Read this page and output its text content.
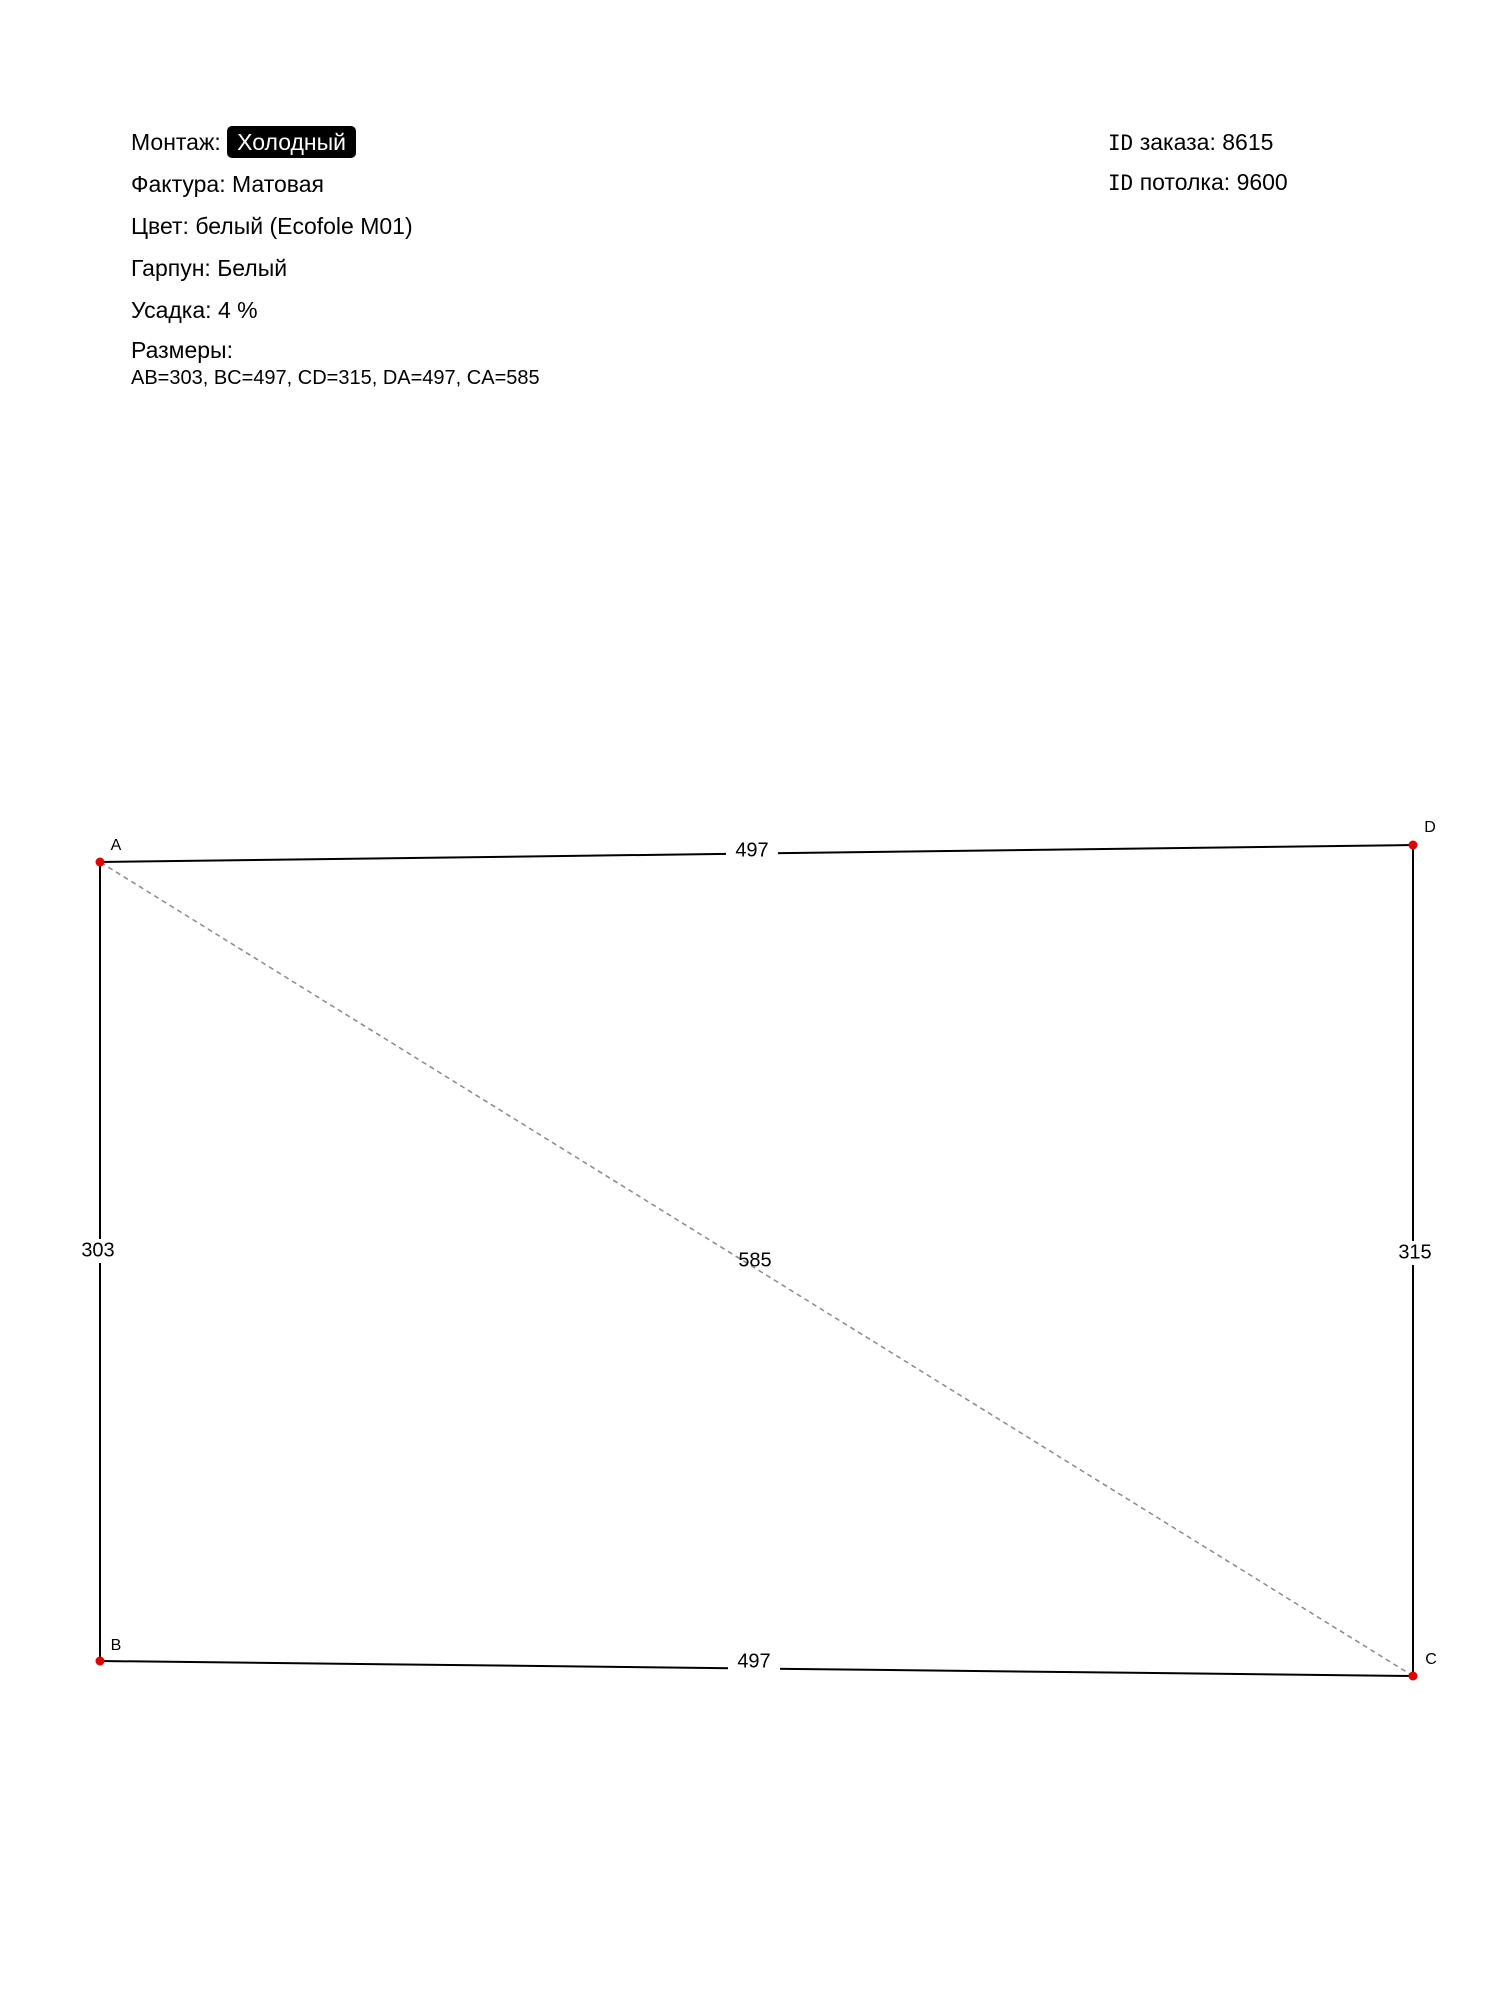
Монтаж: Холодный
Фактура: Матовая
Цвет: белый (Ecofole M01)
Гарпун: Белый
Усадка: 4 %
Размеры:
AB=303, BC=497, CD=315, DA=497, CA=585
ID заказа: 8615
ID потолка: 9600
303
497
315
497
585
A
B
C
D
